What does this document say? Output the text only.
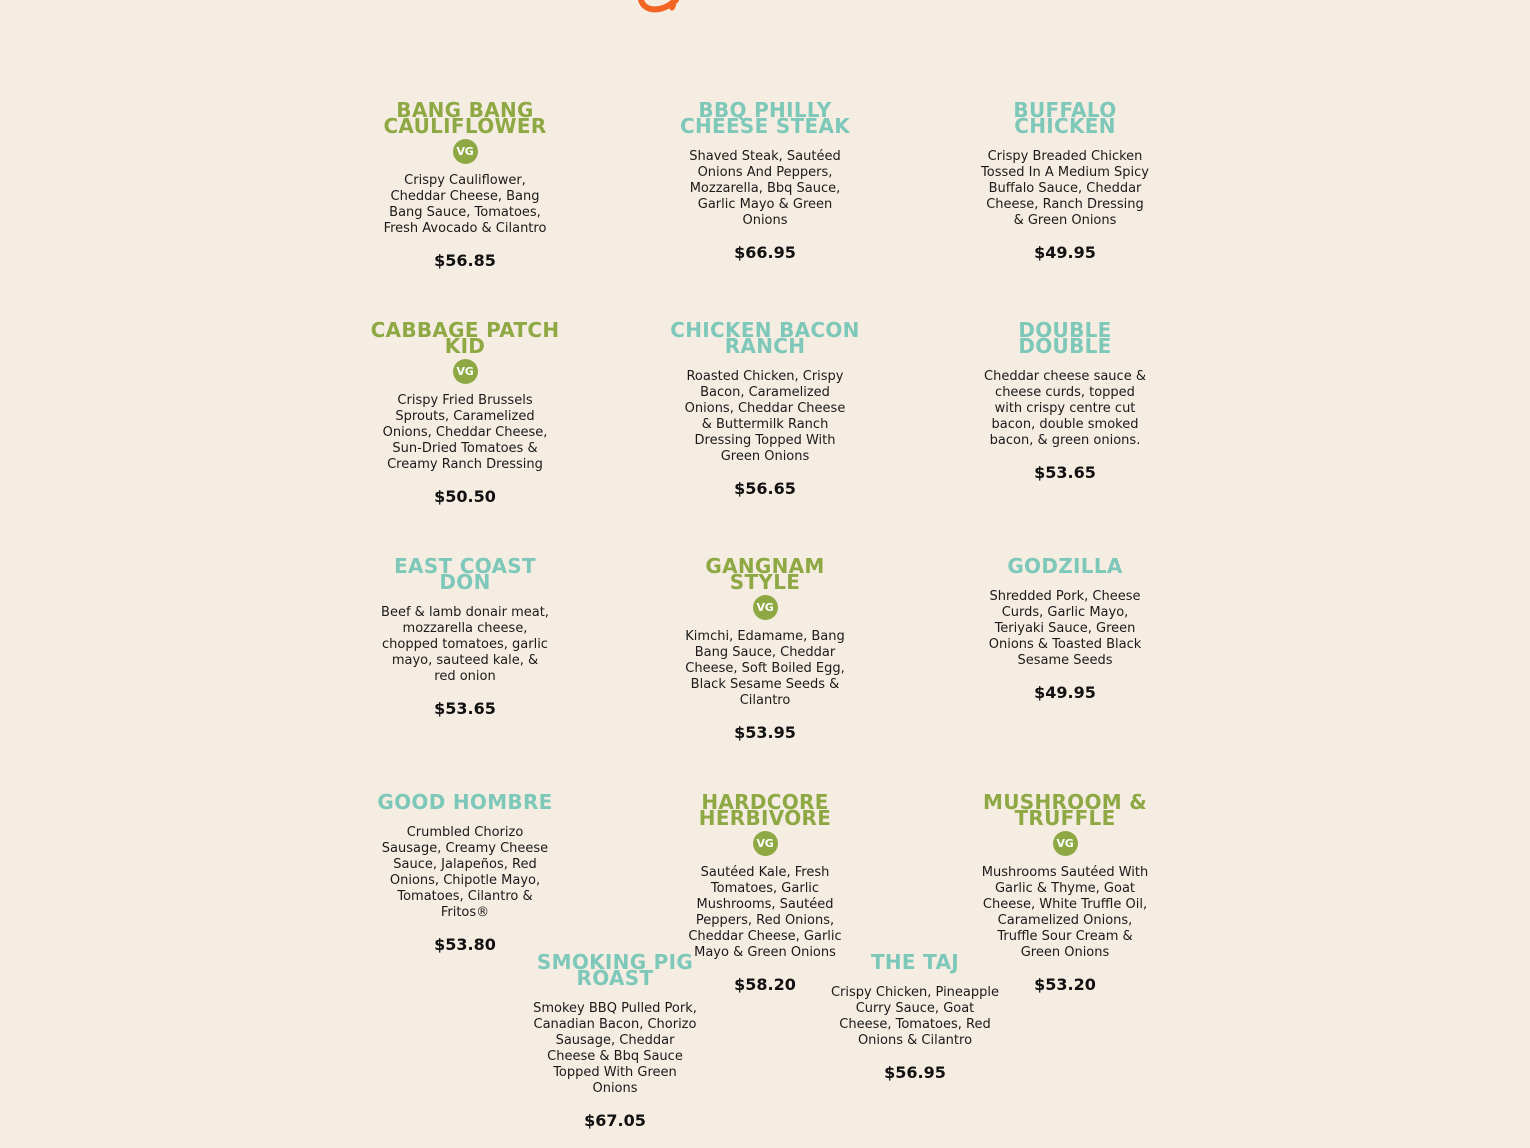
BANG BANG CAULIFLOWER
VG

Crispy Cauliflower, Cheddar Cheese, Bang Bang Sauce, Tomatoes, Fresh Avocado & Cilantro

$56.85
BBQ PHILLY CHEESE STEAK

Shaved Steak, Sautéed Onions And Peppers, Mozzarella, Bbq Sauce, Garlic Mayo & Green Onions

$66.95
BUFFALO CHICKEN

Crispy Breaded Chicken Tossed In A Medium Spicy Buffalo Sauce, Cheddar Cheese, Ranch Dressing & Green Onions

$49.95
CABBAGE PATCH KID
VG

Crispy Fried Brussels Sprouts, Caramelized Onions, Cheddar Cheese, Sun-Dried Tomatoes & Creamy Ranch Dressing

$50.50
CHICKEN BACON RANCH

Roasted Chicken, Crispy Bacon, Caramelized Onions, Cheddar Cheese & Buttermilk Ranch Dressing Topped With Green Onions

$56.65
DOUBLE DOUBLE

Cheddar cheese sauce & cheese curds, topped with crispy centre cut bacon, double smoked bacon, & green onions.

$53.65
EAST COAST DON

Beef & lamb donair meat, mozzarella cheese, chopped tomatoes, garlic mayo, sauteed kale, & red onion

$53.65
GANGNAM STYLE
VG

Kimchi, Edamame, Bang Bang Sauce, Cheddar Cheese, Soft Boiled Egg, Black Sesame Seeds & Cilantro

$53.95
GODZILLA

Shredded Pork, Cheese Curds, Garlic Mayo, Teriyaki Sauce, Green Onions & Toasted Black Sesame Seeds

$49.95
GOOD HOMBRE

Crumbled Chorizo Sausage, Creamy Cheese Sauce, Jalapeños, Red Onions, Chipotle Mayo, Tomatoes, Cilantro & Fritos®

$53.80
HARDCORE HERBIVORE
VG

Sautéed Kale, Fresh Tomatoes, Garlic Mushrooms, Sautéed Peppers, Red Onions, Cheddar Cheese, Garlic Mayo & Green Onions

$58.20
MUSHROOM & TRUFFLE
VG

Mushrooms Sautéed With Garlic & Thyme, Goat Cheese, White Truffle Oil, Caramelized Onions, Truffle Sour Cream & Green Onions

$53.20
SMOKING PIG ROAST

Smokey BBQ Pulled Pork, Canadian Bacon, Chorizo Sausage, Cheddar Cheese & Bbq Sauce Topped With Green Onions

$67.05
THE TAJ

Crispy Chicken, Pineapple Curry Sauce, Goat Cheese, Tomatoes, Red Onions & Cilantro

$56.95
